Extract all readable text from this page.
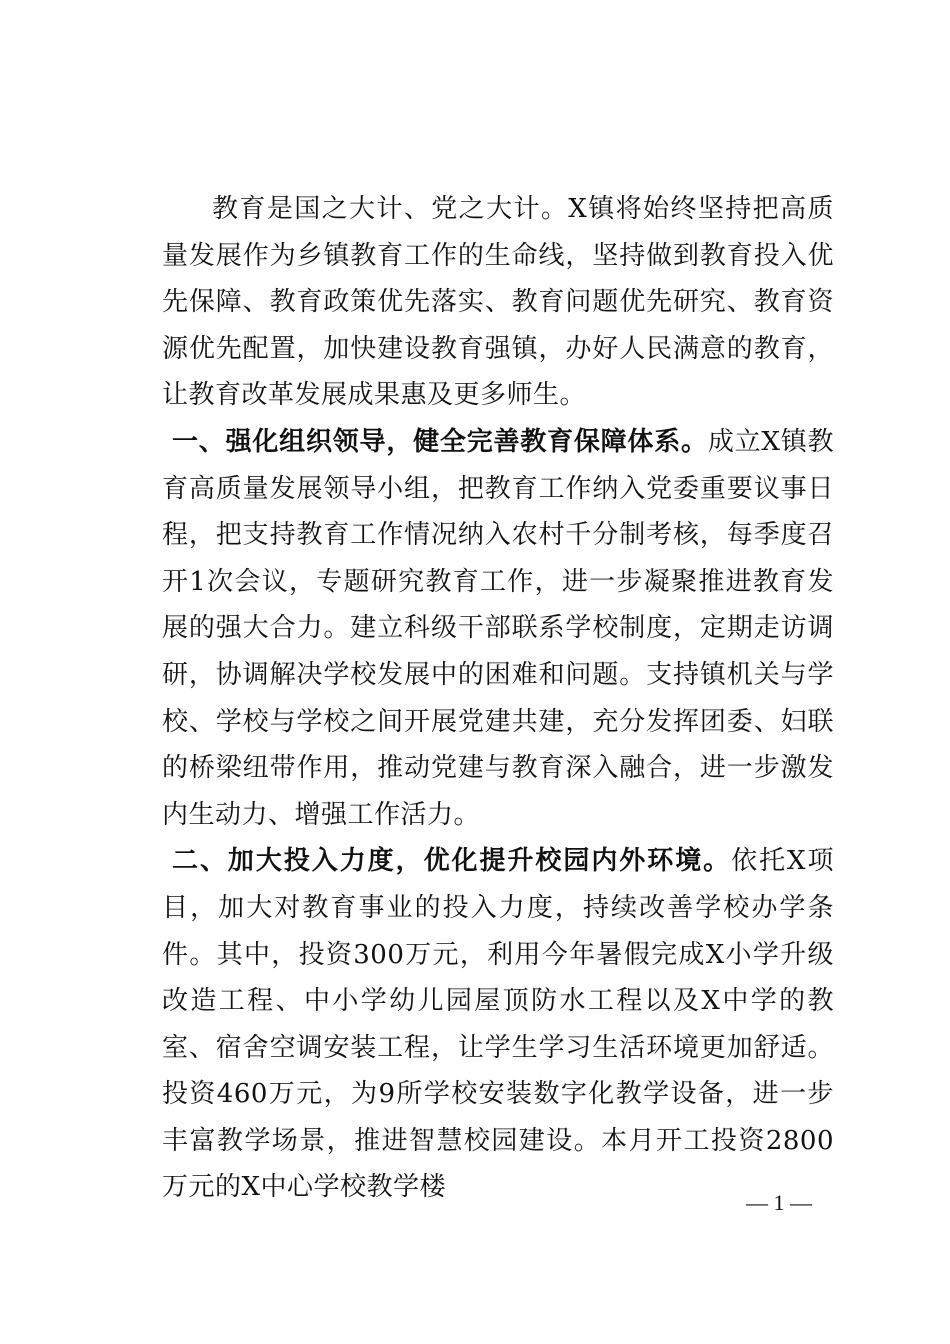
教育是国之大计、党之大计。X镇将始终坚持把高质量发展作为乡镇教育工作的生命线，坚持做到教育投入优先保障、教育政策优先落实、教育问题优先研究、教育资源优先配置，加快建设教育强镇，办好人民满意的教育，让教育改革发展成果惠及更多师生。

一、强化组织领导，健全完善教育保障体系。成立X镇教育高质量发展领导小组，把教育工作纳入党委重要议事日程，把支持教育工作情况纳入农村千分制考核，每季度召开1次会议，专题研究教育工作，进一步凝聚推进教育发展的强大合力。建立科级干部联系学校制度，定期走访调研，协调解决学校发展中的困难和问题。支持镇机关与学校、学校与学校之间开展党建共建，充分发挥团委、妇联的桥梁纽带作用，推动党建与教育深入融合，进一步激发内生动力、增强工作活力。

二、加大投入力度，优化提升校园内外环境。依托X项目，加大对教育事业的投入力度，持续改善学校办学条件。其中，投资300万元，利用今年暑假完成X小学升级改造工程、中小学幼儿园屋顶防水工程以及X中学的教室、宿舍空调安装工程，让学生学习生活环境更加舒适。投资460万元，为9所学校安装数字化教学设备，进一步丰富教学场景，推进智慧校园建设。本月开工投资2800万元的X中心学校教学楼

— 1 —
